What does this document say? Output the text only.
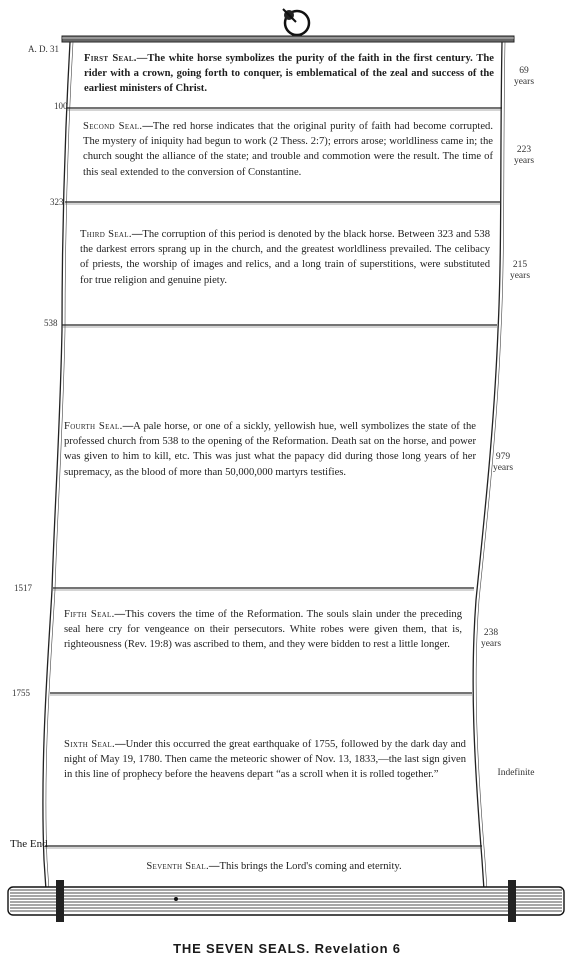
A. D. 31
100
323
538
1517
1755
The End
69
years
223
years
215
years
979
years
238
years
Indefinite
First Seal.—The white horse symbolizes the purity of the faith in the first century. The rider with a crown, going forth to conquer, is emblematical of the zeal and success of the earliest ministers of Christ.
Second Seal.—The red horse indicates that the original purity of faith had become corrupted. The mystery of iniquity had begun to work (2 Thess. 2:7); errors arose; worldliness came in; the church sought the alliance of the state; and trouble and commotion were the result. The time of this seal extended to the conversion of Constantine.
Third Seal.—The corruption of this period is denoted by the black horse. Between 323 and 538 the darkest errors sprang up in the church, and the greatest worldliness prevailed. The celibacy of priests, the worship of images and relics, and a long train of superstitions, were substituted for true religion and genuine piety.
Fourth Seal.—A pale horse, or one of a sickly, yellowish hue, well symbolizes the state of the professed church from 538 to the opening of the Reformation. Death sat on the horse, and power was given to him to kill, etc. This was just what the papacy did during those long years of her supremacy, as the blood of more than 50,000,000 martyrs testifies.
Fifth Seal.—This covers the time of the Reformation. The souls slain under the preceding seal here cry for vengeance on their persecutors. White robes were given them, that is, righteousness (Rev. 19:8) was ascribed to them, and they were bidden to rest a little longer.
Sixth Seal.—Under this occurred the great earthquake of 1755, followed by the dark day and night of May 19, 1780. Then came the meteoric shower of Nov. 13, 1833,—the last sign given in this line of prophecy before the heavens depart “as a scroll when it is rolled together.”
Seventh Seal.—This brings the Lord's coming and eternity.
THE SEVEN SEALS. Revelation 6
